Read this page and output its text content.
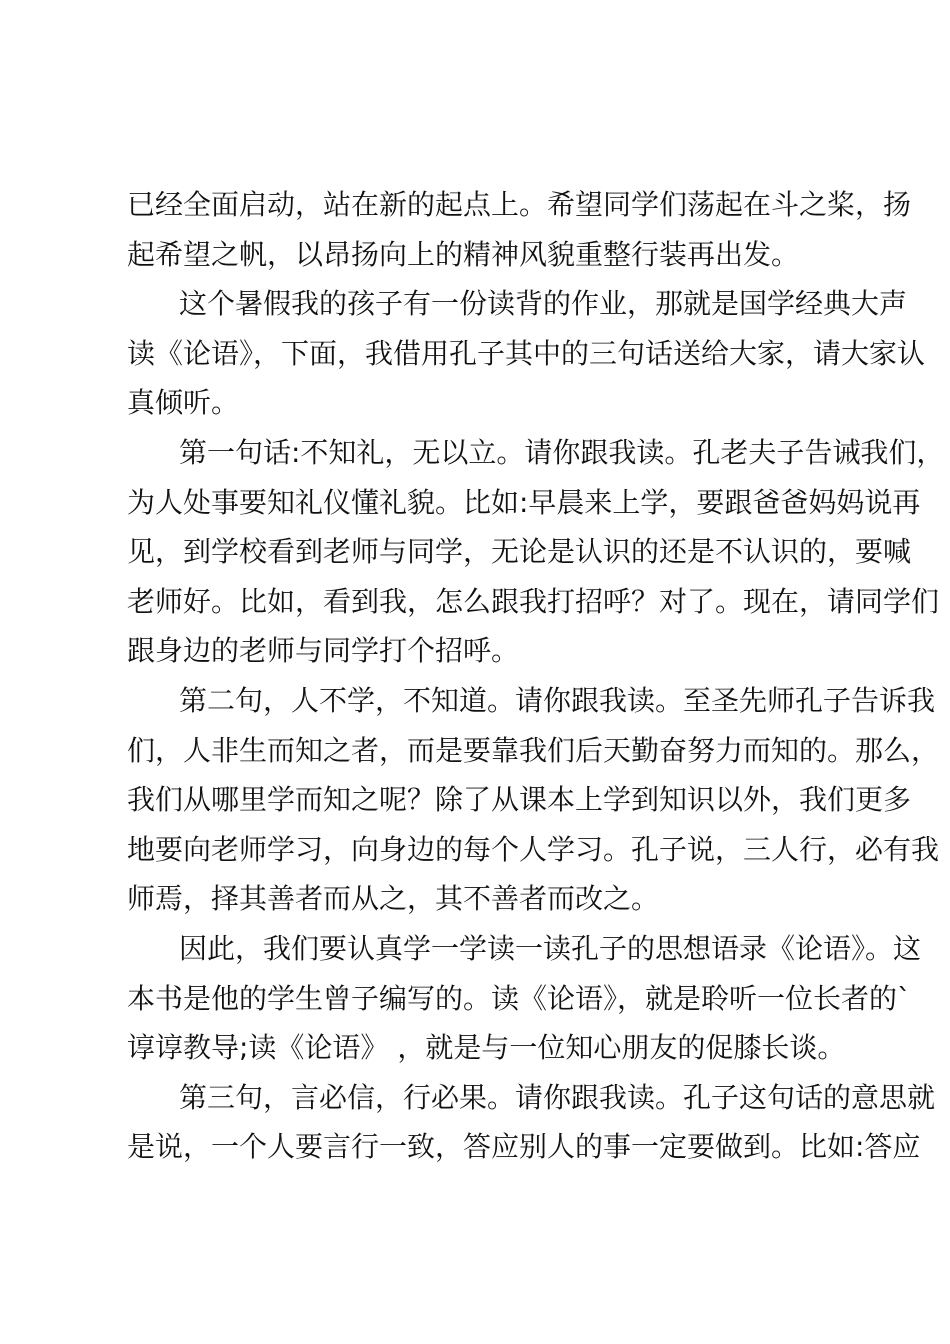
已经全面启动，站在新的起点上。希望同学们荡起在斗之桨，扬
起希望之帆，以昂扬向上的精神风貌重整行装再出发。
这个暑假我的孩子有一份读背的作业，那就是国学经典大声
读《论语》，下面，我借用孔子其中的三句话送给大家，请大家认
真倾听。
第一句话:不知礼，无以立。请你跟我读。孔老夫子告诫我们，
为人处事要知礼仪懂礼貌。比如:早晨来上学，要跟爸爸妈妈说再
见，到学校看到老师与同学，无论是认识的还是不认识的，要喊
老师好。比如，看到我，怎么跟我打招呼？对了。现在，请同学们
跟身边的老师与同学打个招呼。
第二句，人不学，不知道。请你跟我读。至圣先师孔子告诉我
们，人非生而知之者，而是要靠我们后天勤奋努力而知的。那么，
我们从哪里学而知之呢？除了从课本上学到知识以外，我们更多
地要向老师学习，向身边的每个人学习。孔子说，三人行，必有我
师焉，择其善者而从之，其不善者而改之。
因此，我们要认真学一学读一读孔子的思想语录《论语》。这
本书是他的学生曾子编写的。读《论语》，就是聆听一位长者的`
谆谆教导;读《论语》 ，就是与一位知心朋友的促膝长谈。
第三句，言必信，行必果。请你跟我读。孔子这句话的意思就
是说，一个人要言行一致，答应别人的事一定要做到。比如:答应
